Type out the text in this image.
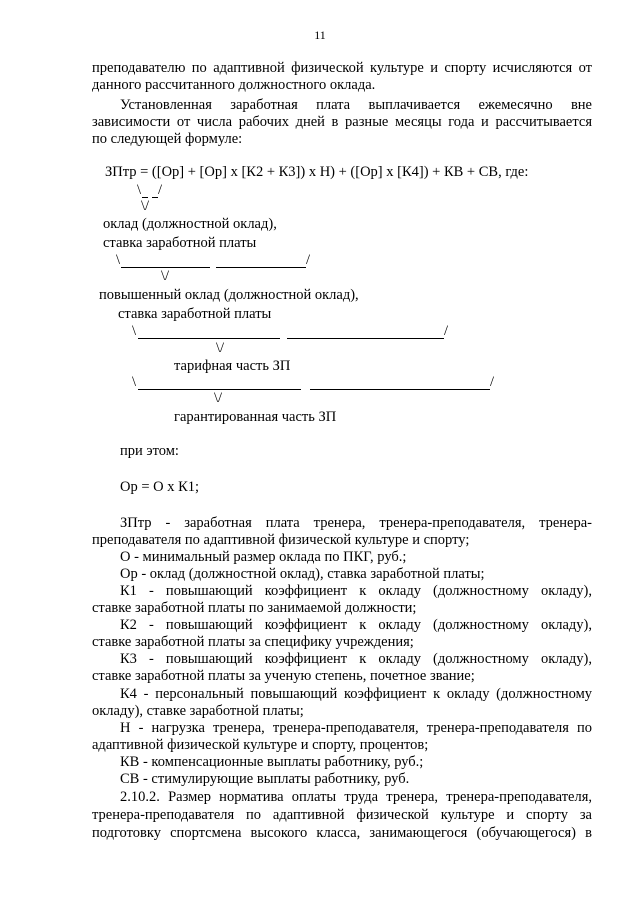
11
преподавателю по адаптивной физической культуре и спорту исчисляются от
данного рассчитанного должностного оклада.
Установленная заработная плата выплачивается ежемесячно вне
зависимости от числа рабочих дней в разные месяцы года и рассчитывается
по следующей формуле:
ЗПтр = ([Ор] + [Ор] х [К2 + К3]) х Н) + ([Ор] х [К4]) + КВ + СВ, где:
\ /
\/
оклад (должностной оклад),
ставка заработной платы
\	/
\/
повышенный оклад (должностной оклад),
ставка заработной платы
\	/
\/
тарифная часть ЗП
\	/
\/
гарантированная часть ЗП
при этом:
Ор = О х К1;
ЗПтр - заработная плата тренера, тренера-преподавателя, тренера-
преподавателя по адаптивной физической культуре и спорту;
О - минимальный размер оклада по ПКГ, руб.;
Ор - оклад (должностной оклад), ставка заработной платы;
К1 - повышающий коэффициент к окладу (должностному окладу),
ставке заработной платы по занимаемой должности;
К2 - повышающий коэффициент к окладу (должностному окладу),
ставке заработной платы за специфику учреждения;
К3 - повышающий коэффициент к окладу (должностному окладу),
ставке заработной платы за ученую степень, почетное звание;
К4 - персональный повышающий коэффициент к окладу (должностному
окладу), ставке заработной платы;
Н - нагрузка тренера, тренера-преподавателя, тренера-преподавателя по
адаптивной физической культуре и спорту, процентов;
КВ - компенсационные выплаты работнику, руб.;
СВ - стимулирующие выплаты работнику, руб.
2.10.2. Размер норматива оплаты труда тренера, тренера-преподавателя,
тренера-преподавателя по адаптивной физической культуре и спорту за
подготовку спортсмена высокого класса, занимающегося (обучающегося) в
